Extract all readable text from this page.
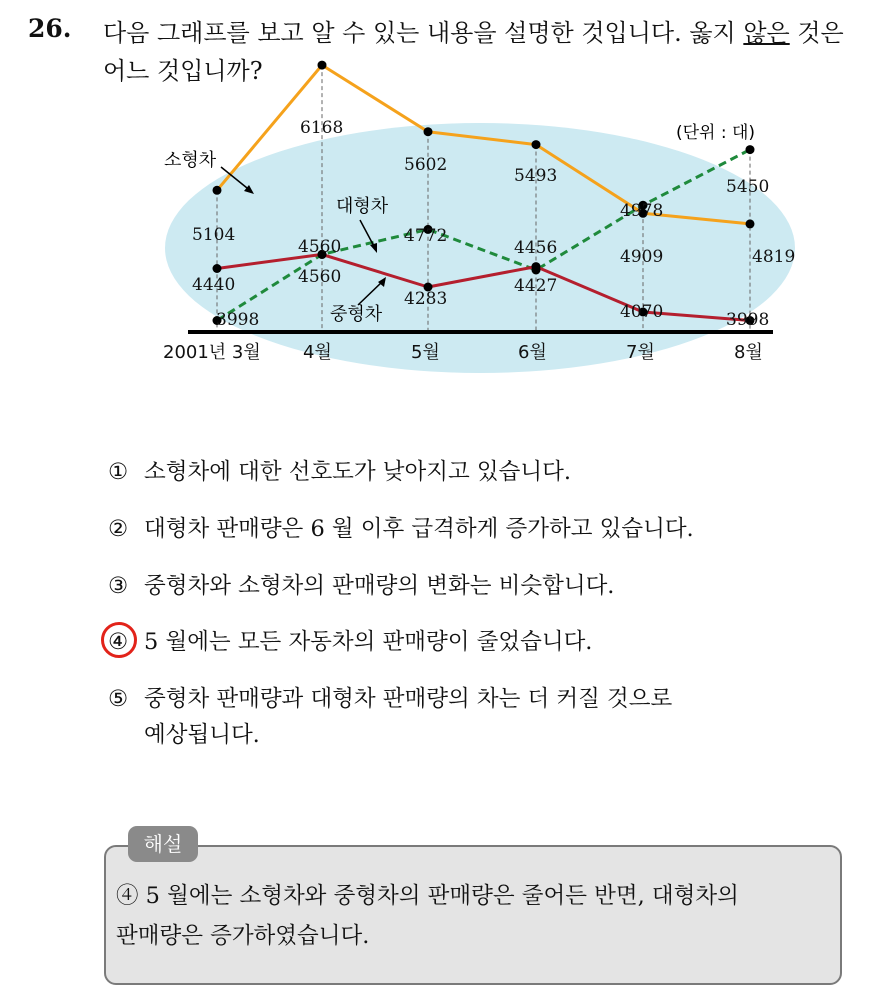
26. 다음 그래프를 보고 알 수 있는 내용을 설명한 것입니다. 옳지 않은 것은 어느 것입니까?
5104
6168
5602
5493
4909	4819
3998
4560
4772
4427
4978
5450
4440
4560
4283
4456
4070	3998
2001년 3월 4월	5월	6월	7월	8월
(단위 : 대)
소형차
대형차
중형차
① 소형차에 대한 선호도가 낮아지고 있습니다.
② 대형차 판매량은 6 월 이후 급격하게 증가하고 있습니다.
③ 중형차와 소형차의 판매량의 변화는 비슷합니다.
④ 5 월에는 모든 자동차의 판매량이 줄었습니다.
⑤ 중형차 판매량과 대형차 판매량의 차는 더 커질 것으로
예상됩니다.
해설
④ 5 월에는 소형차와 중형차의 판매량은 줄어든 반면, 대형차의
판매량은 증가하였습니다.
